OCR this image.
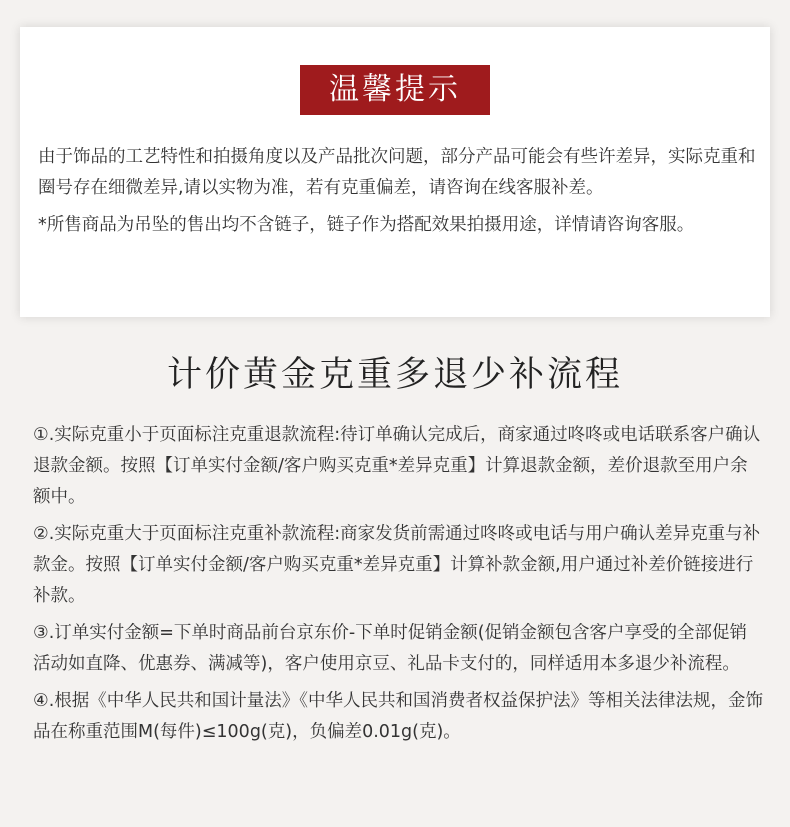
温馨提示

由于饰品的工艺特性和拍摄角度以及产品批次问题，部分产品可能会有些许差异，实际克重和圈号存在细微差异,请以实物为准，若有克重偏差，请咨询在线客服补差。

*所售商品为吊坠的售出均不含链子，链子作为搭配效果拍摄用途，详情请咨询客服。

计价黄金克重多退少补流程

①.实际克重小于页面标注克重退款流程:待订单确认完成后，商家通过咚咚或电话联系客户确认退款金额。按照【订单实付金额/客户购买克重*差异克重】计算退款金额，差价退款至用户余额中。

②.实际克重大于页面标注克重补款流程:商家发货前需通过咚咚或电话与用户确认差异克重与补款金。按照【订单实付金额/客户购买克重*差异克重】计算补款金额,用户通过补差价链接进行补款。

③.订单实付金额=下单时商品前台京东价-下单时促销金额(促销金额包含客户享受的全部促销活动如直降、优惠券、满减等)，客户使用京豆、礼品卡支付的，同样适用本多退少补流程。

④.根据《中华人民共和国计量法》《中华人民共和国消费者权益保护法》等相关法律法规，金饰品在称重范围M(每件)≤100g(克)，负偏差0.01g(克)。
